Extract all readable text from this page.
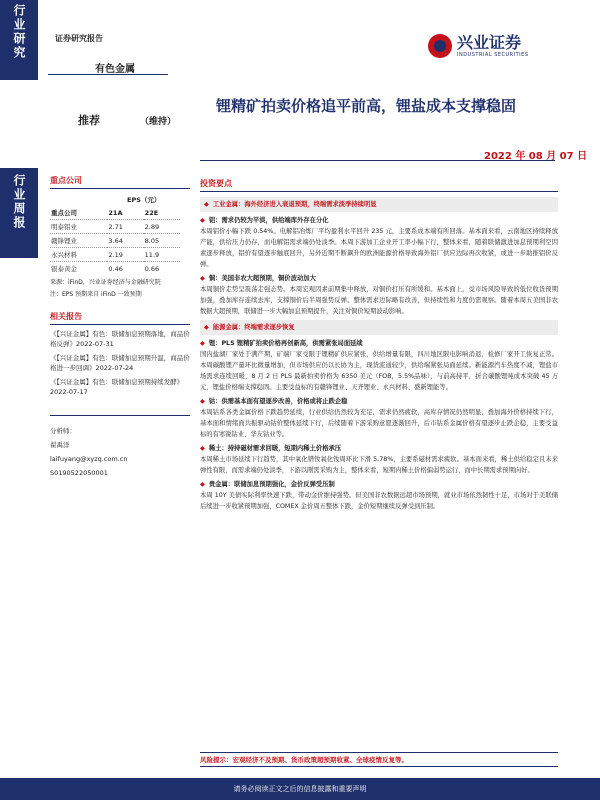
行业研究
行业周报
证券研究报告
有色金属
兴业证券
INDUSTRIAL SECURITIES
推荐	（维持）
锂精矿拍卖价格追平前高，锂盐成本支撑稳固
2022 年 08 月 07 日
重点公司
	EPS（元）	
重点公司	21A	22E
明泰铝业	2.71	2.89
赣锋锂业	3.64	8.05
永兴材料	2.19	11.9
银泰黄金	0.46	0.66
来源：iFinD，兴业证券经济与金融研究院
注：EPS 预期来自 iFinD 一致预期
相关报告
《【兴证金属】有色：联储加息预期落地，商品价格反弹》2022-07-31
《【兴证金属】有色：联储加息预期升温，商品价格进一步回调》2022-07-24
《【兴证金属】有色：联储加息预期持续发酵》2022-07-17
分析师：
翟禹洋
laifuyang@xyzq.com.cn
S0190522050001
投资要点
◆ 工业金属：海外经济进入衰退预期，终端需求淡季持续明显
◆ 铝：需求仍较为平淡，供给端库外存在分化

本周铝价小幅下跌 0.54%。电解铝冶炼厂平均盈利水平回升 235 元，主要系成本端有所回落。基本面来看，云南地区持续释放产能，供给压力仍存，而电解铝需求端仍处淡季。本周下游加工企业开工率小幅下行，整体来看，随着联储激进加息预期利空因素逐步释放，铝价有望逐步触底回升，另外近期不断飙升的欧洲能源价格导致海外铝厂供应边际再次收紧，或进一步助推铝价反弹。

◆ 铜：美国非农大超预期，铜价波动加大

本周铜价走势呈震荡走强态势。本周宏观因素前期集中释放，对铜价打压有所缓和。基本面上，受市场风险导致的低位收货预期加强，叠加库存连续去库，支撑铜价后半周强势反弹。整体需求边际略有改善，但持续性和力度仍需观察。随着本周五美国非农数据大超预期，联储进一步大幅加息预期提升，关注对铜价短期波动影响。

◆ 能源金属：终端需求逐步恢复
◆ 锂：PLS 锂精矿拍卖价格再创新高，供需紧张局面延续

国内盐湖厂家处于满产期，矿端厂家受限于锂精矿供应紧张，供给增量有限，四川地区限电影响消退，检修厂家开工恢复正常。本周碳酸锂产量环比微量增加，但市场供应仍以长协为主，现货流通较少，供给端紧张局面延续。新能源汽车热度不减，锂盐市场需求连续回暖，8 月 2 日 PLS 最新拍卖价格为 6350 美元（FOB，5.5%品味），与前高持平，折合碳酸锂吨成本突破 45 万元，锂盐价格端支撑稳固。主要受益标的有赣锋锂业、天齐锂业、永兴材料、盛新锂能等。

◆ 钴：供需基本面有望逐步改善，价格或将止跌企稳

本周钴系各类金属价格下跌趋势延续，行业供给仍然较为充足，需求仍然疲软，高库存情况仍然明显，叠加海外价格持续下行，基本面和情绪面共振驱动钴价整体延续下行，后续随着下游采购意愿逐渐回升，后市钴系金属价格有望逐步止跌企稳，主要受益标的有寒锐钴业、华友钴业等。

◆ 稀土：持持磁材需求回暖，短期内稀土价格承压

本周稀土市场延续下行趋势，其中氧化镨钕氧化钕周环比下滑 5.78%，主要系磁材需求疲软。基本面来看，稀土供给稳定且未来弹性有限，而需求端仍处淡季，下游以刚需采购为主，整体来看，短期内稀土价格偏弱势运行，而中长期需求预期向好。

◆ 贵金属：联储加息预期强化，金价反弹受压制

本周 10Y 美债实际利率快速下跌，带动金价维持强势。但美国非农数据远超市场预期，就业市场依然韧性十足，市场对于美联储后续进一步收紧预期加强，COMEX 金价周五整体下跌，金价短期继续反弹受到压制。

风险提示：宏观经济不及预期、货币政策超预期收紧、全球疫情反复等。
请务必阅读正文之后的信息披露和重要声明
